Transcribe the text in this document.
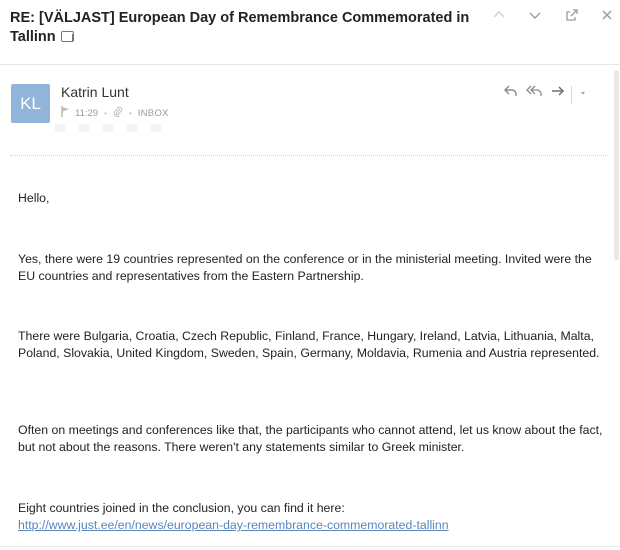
RE: [VÄLJAST] European Day of Remembrance Commemorated in Tallinn
KL
Katrin Lunt
11:29 •	• INBOX
Hello,
Yes, there were 19 countries represented on the conference or in the ministerial meeting. Invited were the EU countries and representatives from the Eastern Partnership.
There were Bulgaria, Croatia, Czech Republic, Finland, France, Hungary, Ireland, Latvia, Lithuania, Malta, Poland, Slovakia, United Kingdom, Sweden, Spain, Germany, Moldavia, Rumenia and Austria represented.
Often on meetings and conferences like that, the participants who cannot attend, let us know about the fact, but not about the reasons. There weren't any statements similar to Greek minister.
Eight countries joined in the conclusion, you can find it here:
http://www.just.ee/en/news/european-day-remembrance-commemorated-tallinn
